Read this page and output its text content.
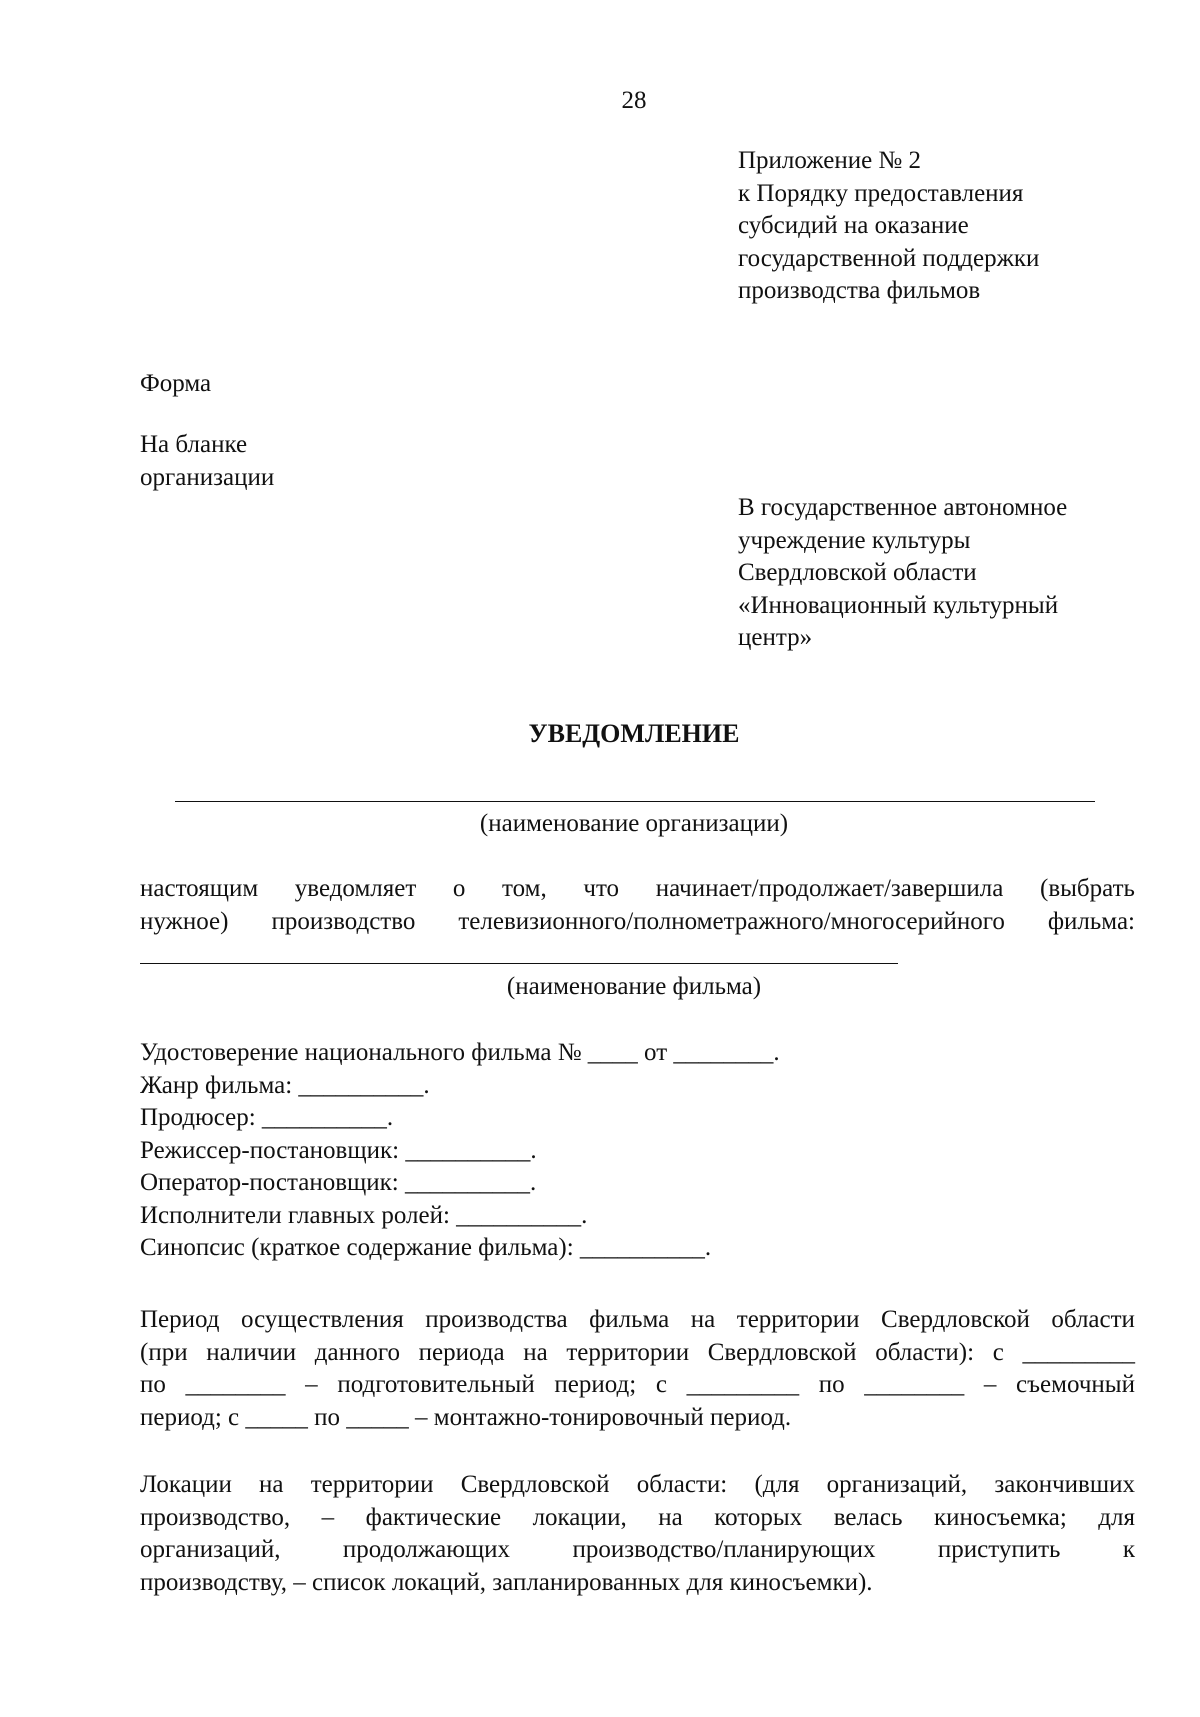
28
Приложение № 2
к Порядку предоставления
субсидий на оказание
государственной поддержки
производства фильмов
Форма
На бланке
организации
В государственное автономное
учреждение культуры
Свердловской области
«Инновационный культурный
центр»
УВЕДОМЛЕНИЕ
(наименование организации)
настоящим уведомляет о том, что начинает/продолжает/завершила (выбрать
нужное) производство телевизионного/полнометражного/многосерийного фильма:
(наименование фильма)
Удостоверение национального фильма № ____ от ________.
Жанр фильма: __________.
Продюсер: __________.
Режиссер-постановщик: __________.
Оператор-постановщик: __________.
Исполнители главных ролей: __________.
Синопсис (краткое содержание фильма): __________.
Период осуществления производства фильма на территории Свердловской области
(при наличии данного периода на территории Свердловской области): с _________
по ________ – подготовительный период; с _________ по ________ – съемочный
период; с _____ по _____ – монтажно-тонировочный период.
Локации на территории Свердловской области: (для организаций, закончивших
производство, – фактические локации, на которых велась киносъемка; для
организаций, продолжающих производство/планирующих приступить к
производству, – список локаций, запланированных для киносъемки).
